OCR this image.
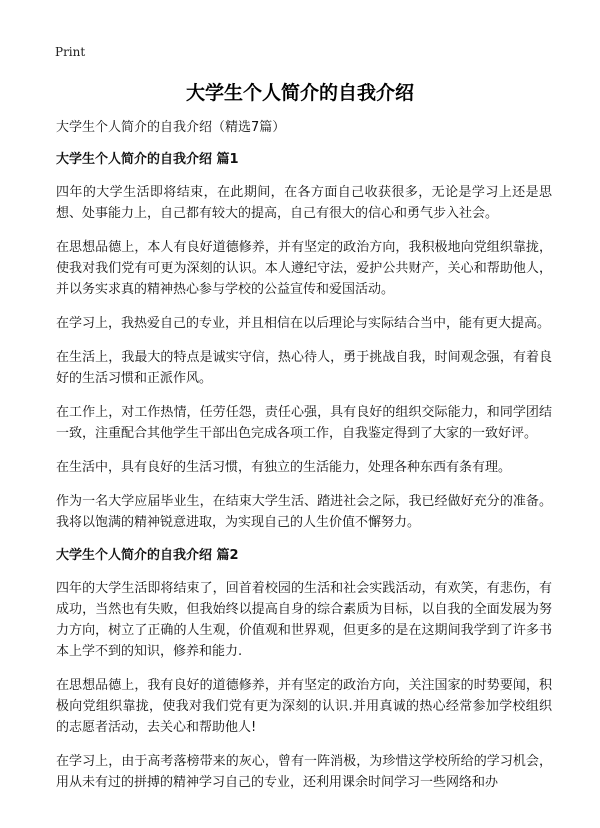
Print
大学生个人简介的自我介绍

大学生个人简介的自我介绍（精选7篇）

大学生个人简介的自我介绍 篇1

四年的大学生活即将结束，在此期间，在各方面自己收获很多，无论是学习上还是思想、处事能力上，自己都有较大的提高，自己有很大的信心和勇气步入社会。

在思想品德上，本人有良好道德修养，并有坚定的政治方向，我积极地向党组织靠拢，使我对我们党有可更为深刻的认识。本人遵纪守法，爱护公共财产，关心和帮助他人，并以务实求真的精神热心参与学校的公益宣传和爱国活动。

在学习上，我热爱自己的专业，并且相信在以后理论与实际结合当中，能有更大提高。

在生活上，我最大的特点是诚实守信，热心待人，勇于挑战自我，时间观念强，有着良好的生活习惯和正派作风。

在工作上，对工作热情，任劳任怨，责任心强，具有良好的组织交际能力，和同学团结一致，注重配合其他学生干部出色完成各项工作，自我鉴定得到了大家的一致好评。

在生活中，具有良好的生活习惯，有独立的生活能力，处理各种东西有条有理。

作为一名大学应届毕业生，在结束大学生活、踏进社会之际，我已经做好充分的准备。我将以饱满的精神锐意进取，为实现自己的人生价值不懈努力。

大学生个人简介的自我介绍 篇2

四年的大学生活即将结束了，回首着校园的生活和社会实践活动，有欢笑，有悲伤，有成功，当然也有失败，但我始终以提高自身的综合素质为目标，以自我的全面发展为努力方向，树立了正确的人生观，价值观和世界观，但更多的是在这期间我学到了许多书本上学不到的知识，修养和能力.

在思想品德上，我有良好的道德修养，并有坚定的政治方向，关注国家的时势要闻，积极向党组织靠拢，使我对我们党有更为深刻的认识.并用真诚的热心经常参加学校组织的志愿者活动，去关心和帮助他人!

在学习上，由于高考落榜带来的灰心，曾有一阵消极，为珍惜这学校所给的学习机会，用从未有过的拼搏的精神学习自己的专业，还利用课余时间学习一些网络和办
